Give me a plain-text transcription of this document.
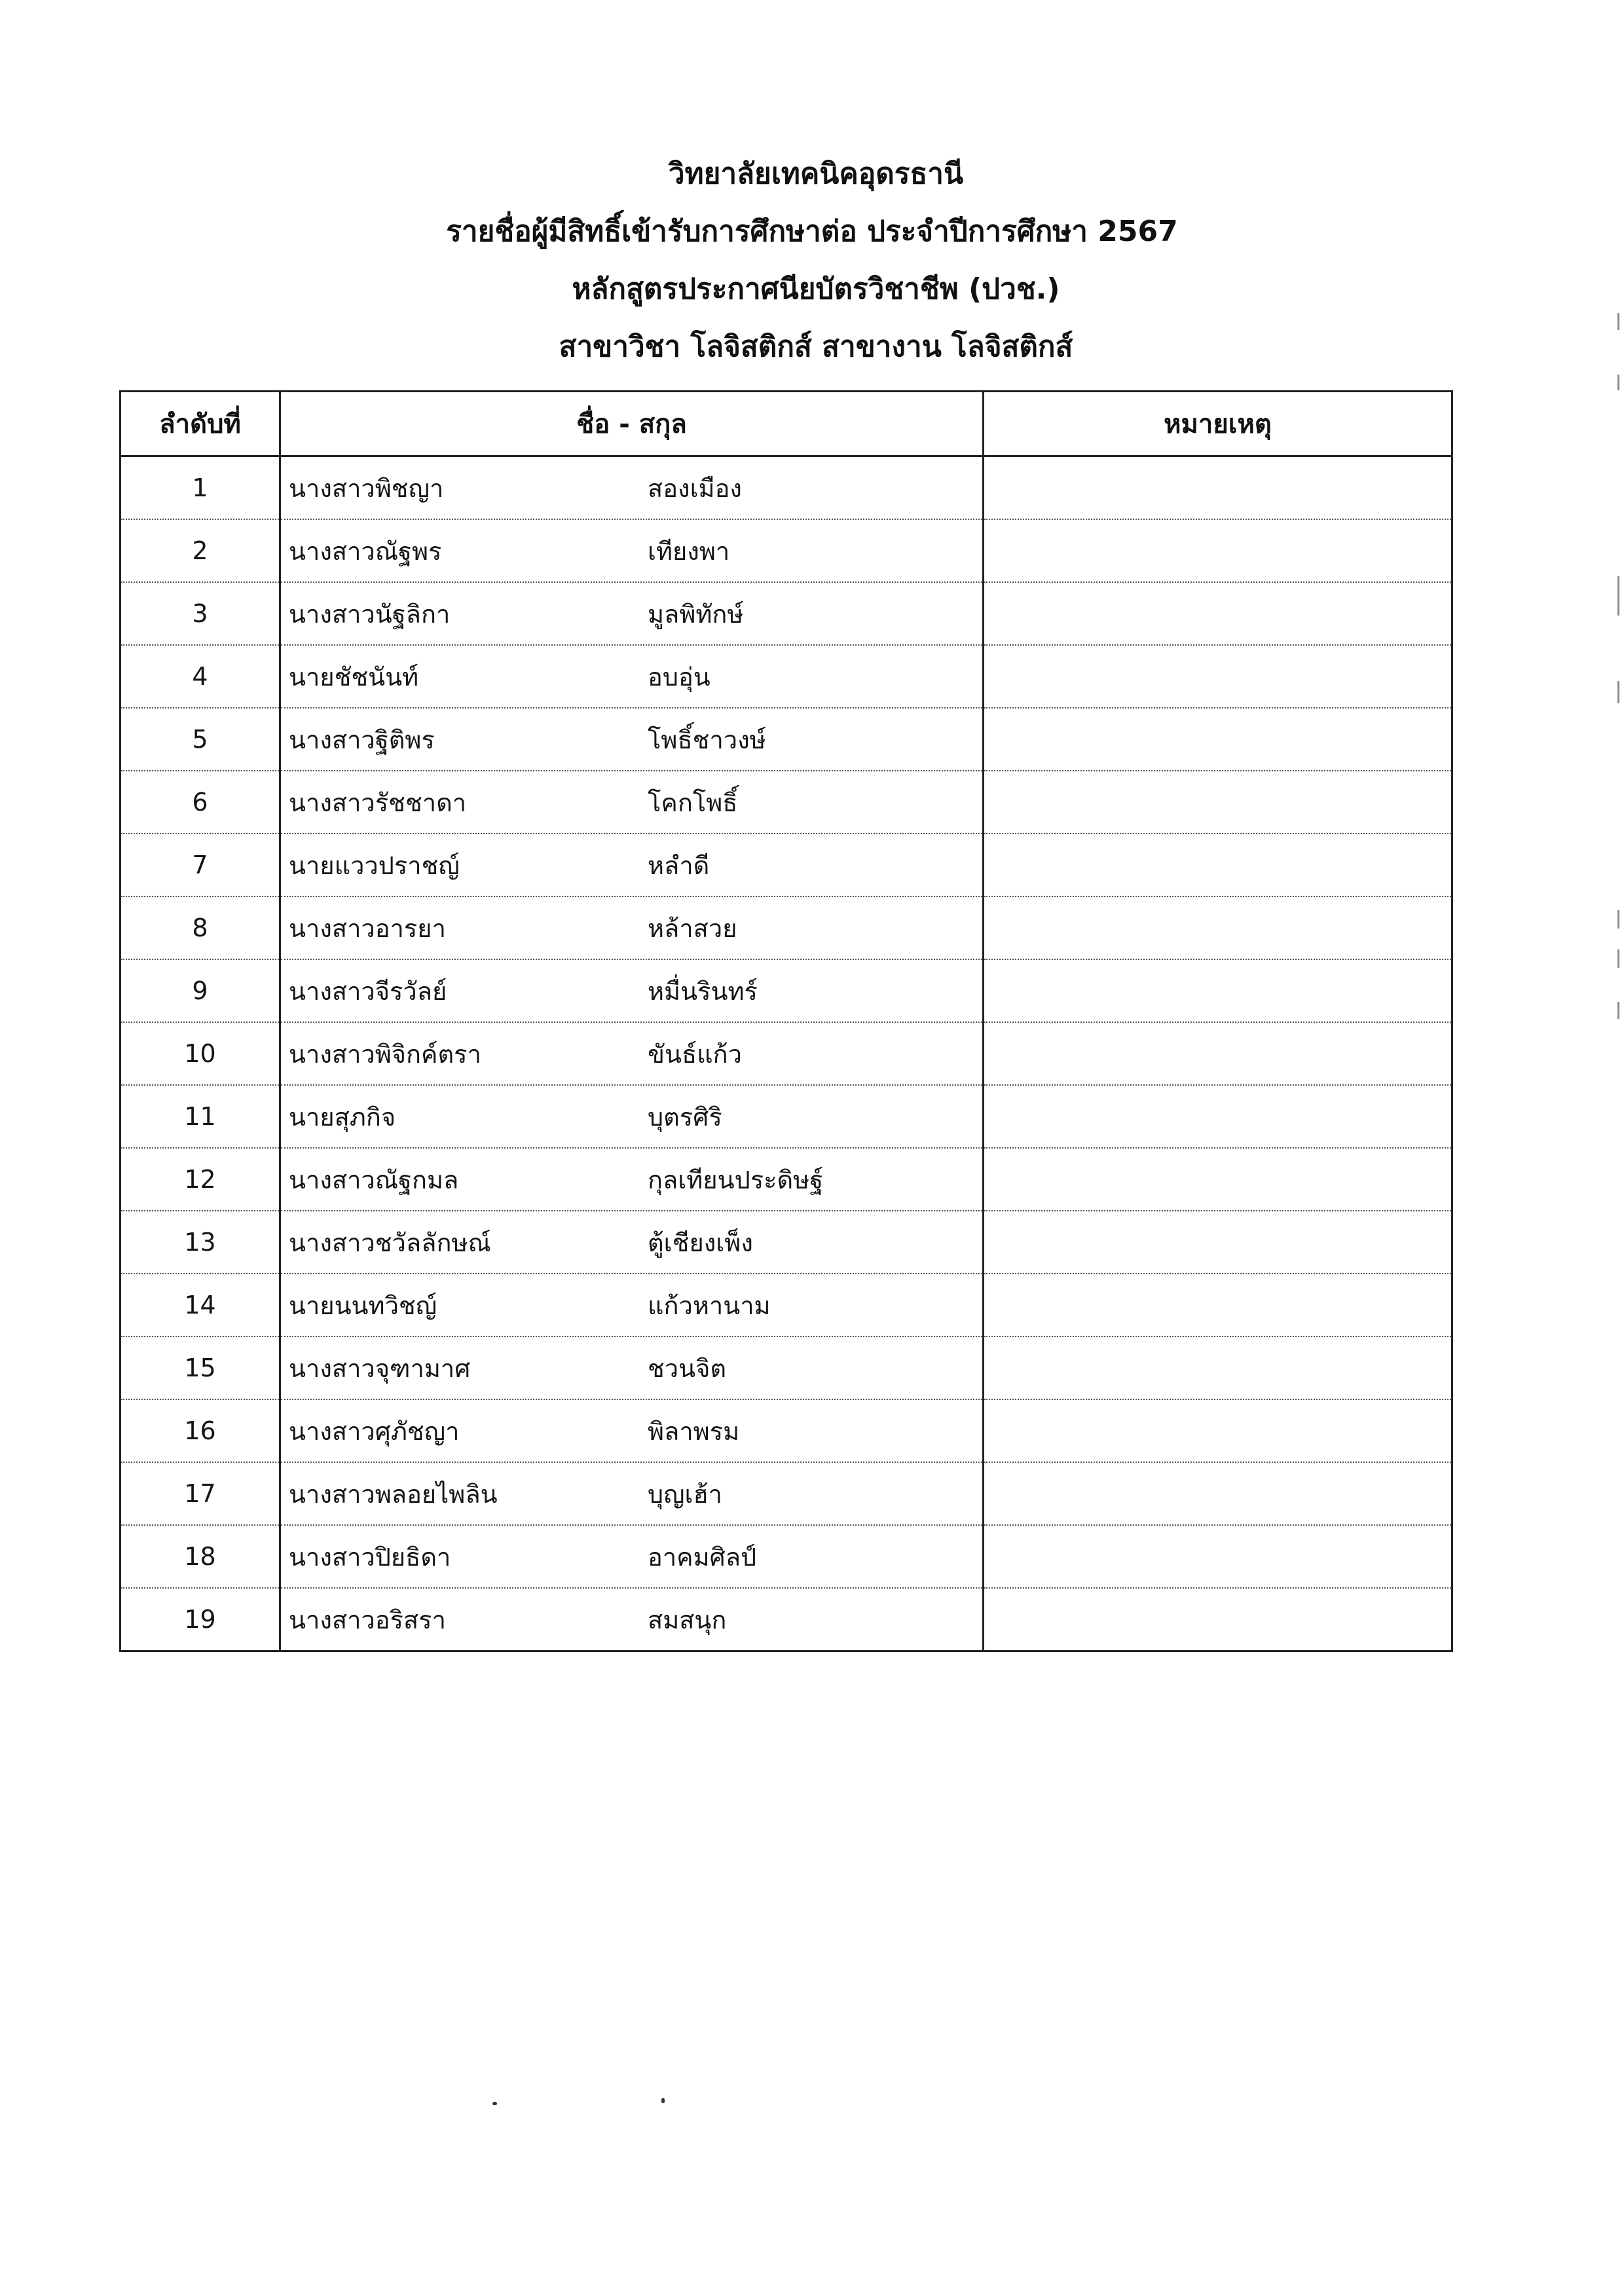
วิทยาลัยเทคนิคอุดรธานี
รายชื่อผู้มีสิทธิ์เข้ารับการศึกษาต่อ ประจำปีการศึกษา 2567
หลักสูตรประกาศนียบัตรวิชาชีพ (ปวช.)
สาขาวิชา โลจิสติกส์ สาขางาน โลจิสติกส์
ลำดับที่	ชื่อ - สกุล	หมายเหตุ
1	นางสาวพิชญา สองเมือง	
2	นางสาวณัฐพร เทียงพา	
3	นางสาวนัฐลิกา มูลพิทักษ์	
4	นายชัชนันท์ อบอุ่น	
5	นางสาวฐิติพร โพธิ์ชาวงษ์	
6	นางสาวรัชชาดา โคกโพธิ์	
7	นายแววปราชญ์ หลำดี	
8	นางสาวอารยา หล้าสวย	
9	นางสาวจีรวัลย์ หมื่นรินทร์	
10	นางสาวพิจิกค์ตรา ขันธ์แก้ว	
11	นายสุภกิจ บุตรศิริ	
12	นางสาวณัฐกมล กุลเทียนประดิษฐ์	
13	นางสาวชวัลลักษณ์ ตู้เชียงเพ็ง	
14	นายนนทวิชญ์ แก้วหานาม	
15	นางสาวจุฑามาศ ชวนจิต	
16	นางสาวศุภัชญา พิลาพรม	
17	นางสาวพลอยไพลิน บุญเฮ้า	
18	นางสาวปิยธิดา อาคมศิลป์	
19	นางสาวอริสรา สมสนุก	
